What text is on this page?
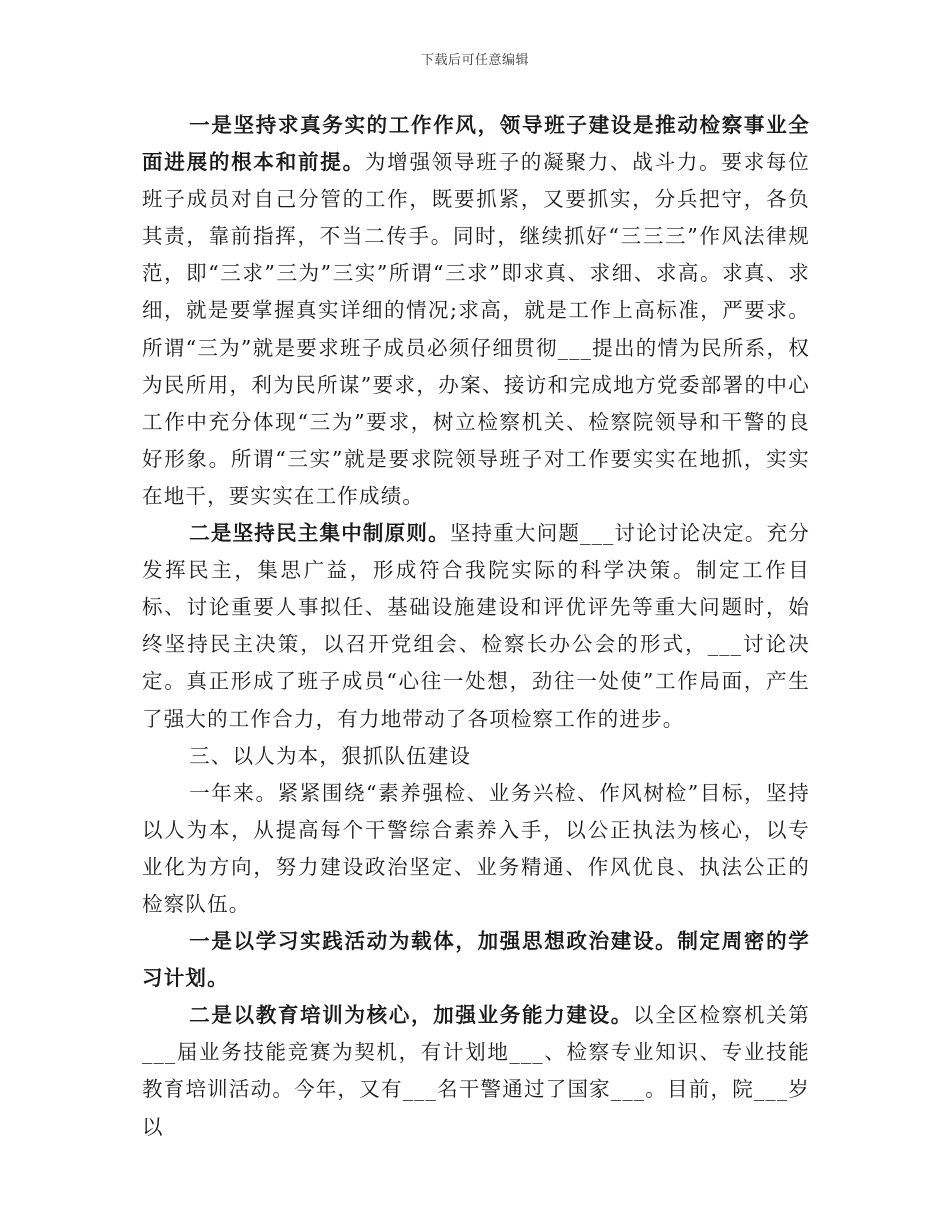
下载后可任意编辑

一是坚持求真务实的工作作风，领导班子建设是推动检察事业全面进展的根本和前提。为增强领导班子的凝聚力、战斗力。要求每位班子成员对自己分管的工作，既要抓紧，又要抓实，分兵把守，各负其责，靠前指挥，不当二传手。同时，继续抓好“三三三”作风法律规范，即“三求”三为”三实”所谓“三求”即求真、求细、求高。求真、求细，就是要掌握真实详细的情况;求高，就是工作上高标准，严要求。所谓“三为”就是要求班子成员必须仔细贯彻___提出的情为民所系，权为民所用，利为民所谋”要求，办案、接访和完成地方党委部署的中心工作中充分体现“三为”要求，树立检察机关、检察院领导和干警的良好形象。所谓“三实”就是要求院领导班子对工作要实实在地抓，实实在地干，要实实在工作成绩。

二是坚持民主集中制原则。坚持重大问题___讨论讨论决定。充分发挥民主，集思广益，形成符合我院实际的科学决策。制定工作目标、讨论重要人事拟任、基础设施建设和评优评先等重大问题时，始终坚持民主决策，以召开党组会、检察长办公会的形式，___讨论决定。真正形成了班子成员“心往一处想，劲往一处使”工作局面，产生了强大的工作合力，有力地带动了各项检察工作的进步。

三、以人为本，狠抓队伍建设

一年来。紧紧围绕“素养强检、业务兴检、作风树检”目标，坚持以人为本，从提高每个干警综合素养入手，以公正执法为核心，以专业化为方向，努力建设政治坚定、业务精通、作风优良、执法公正的检察队伍。

一是以学习实践活动为载体，加强思想政治建设。制定周密的学习计划。

二是以教育培训为核心，加强业务能力建设。以全区检察机关第___届业务技能竞赛为契机，有计划地___、检察专业知识、专业技能教育培训活动。今年，又有___名干警通过了国家___。目前，院___岁以
